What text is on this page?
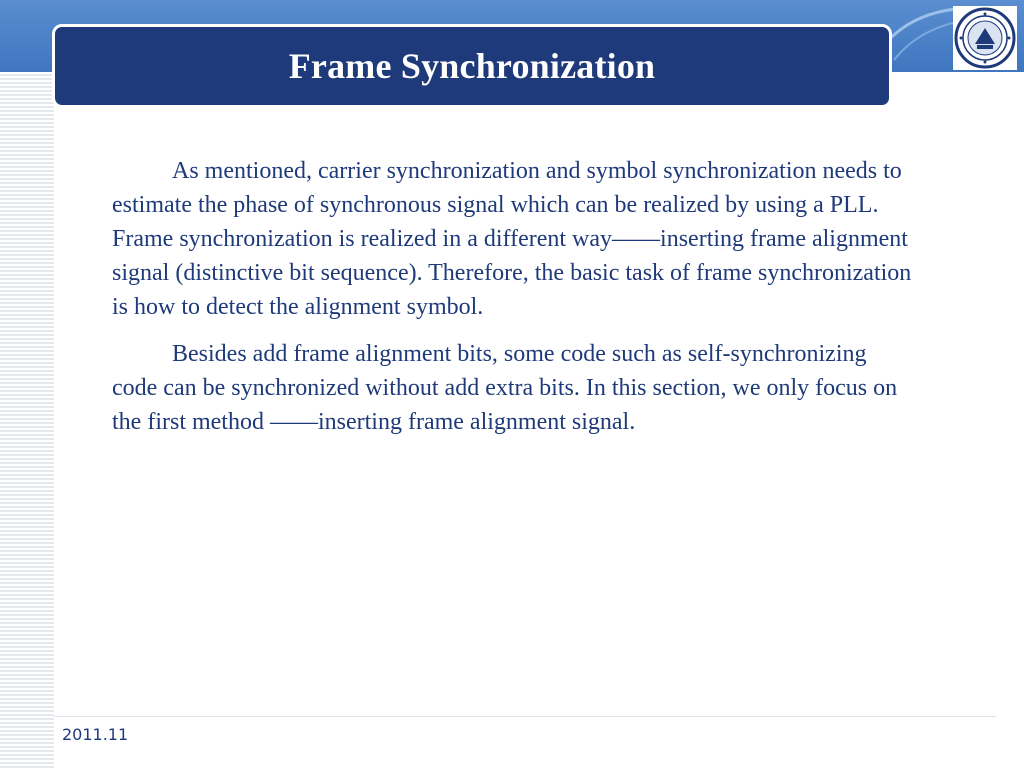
Frame Synchronization

As mentioned, carrier synchronization and symbol synchronization needs to estimate the phase of synchronous signal which can be realized by using a PLL. Frame synchronization is realized in a different way——inserting frame alignment signal (distinctive bit sequence). Therefore, the basic task of frame synchronization is how to detect the alignment symbol.

Besides add frame alignment bits, some code such as self-synchronizing code can be synchronized without add extra bits. In this section, we only focus on the first method ——inserting frame alignment signal.

2011.11
